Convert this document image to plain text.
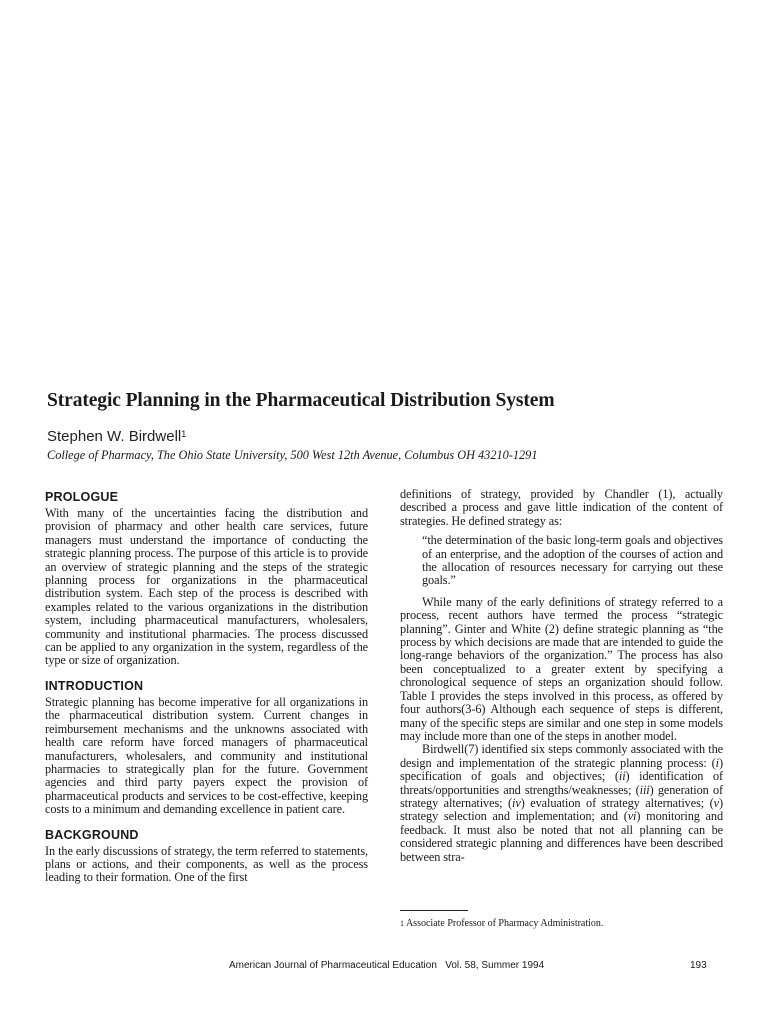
Strategic Planning in the Pharmaceutical Distribution System
Stephen W. Birdwell$^1$
College of Pharmacy, The Ohio State University, 500 West 12th Avenue, Columbus OH 43210-1291
PROLOGUE

With many of the uncertainties facing the distribution and provision of pharmacy and other health care services, future managers must understand the importance of conducting the strategic planning process. The purpose of this article is to provide an overview of strategic planning and the steps of the strategic planning process for organizations in the pharmaceutical distribution system. Each step of the process is described with examples related to the various organizations in the distribution system, including pharmaceutical manufacturers, wholesalers, community and institutional pharmacies. The process discussed can be applied to any organization in the system, regardless of the type or size of organization.

INTRODUCTION

Strategic planning has become imperative for all organizations in the pharmaceutical distribution system. Current changes in reimbursement mechanisms and the unknowns associated with health care reform have forced managers of pharmaceutical manufacturers, wholesalers, and community and institutional pharmacies to strategically plan for the future. Government agencies and third party payers expect the provision of pharmaceutical products and services to be cost-effective, keeping costs to a minimum and demanding excellence in patient care.

BACKGROUND

In the early discussions of strategy, the term referred to statements, plans or actions, and their components, as well as the process leading to their formation. One of the first

definitions of strategy, provided by Chandler (1), actually described a process and gave little indication of the content of strategies. He defined strategy as:

“the determination of the basic long-term goals and objectives of an enterprise, and the adoption of the courses of action and the allocation of resources necessary for carrying out these goals.”

While many of the early definitions of strategy referred to a process, recent authors have termed the process “strategic planning”. Ginter and White (2) define strategic planning as “the process by which decisions are made that are intended to guide the long-range behaviors of the organization.” The process has also been conceptualized to a greater extent by specifying a chronological sequence of steps an organization should follow. Table I provides the steps involved in this process, as offered by four authors(3-6) Although each sequence of steps is different, many of the specific steps are similar and one step in some models may include more than one of the steps in another model.

Birdwell(7) identified six steps commonly associated with the design and implementation of the strategic planning process: (i) specification of goals and objectives; (ii) identification of threats/opportunities and strengths/weaknesses; (iii) generation of strategy alternatives; (iv) evaluation of strategy alternatives; (v) strategy selection and implementation; and (vi) monitoring and feedback. It must also be noted that not all planning can be considered strategic planning and differences have been described between stra-

$^1$ Associate Professor of Pharmacy Administration.
American Journal of Pharmaceutical Education   Vol. 58, Summer 1994	193
